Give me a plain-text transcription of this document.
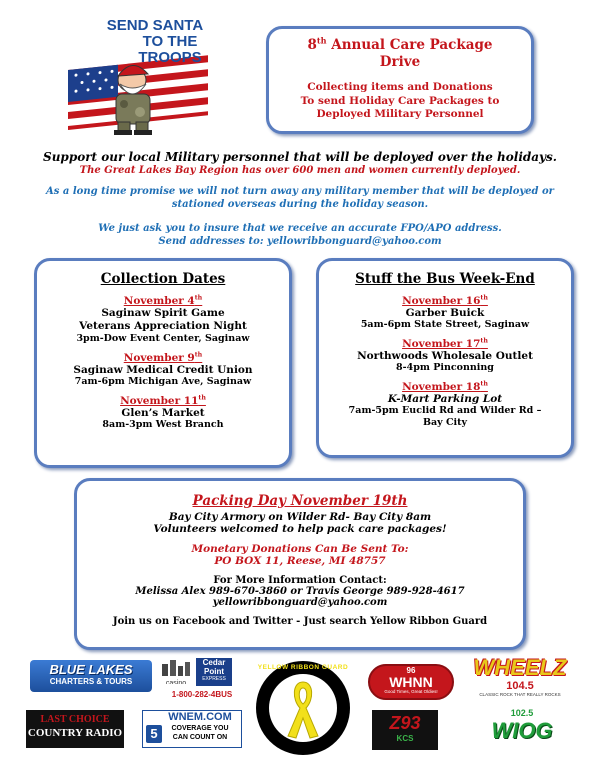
SEND SANTA
TO THE
TROOPS
8th Annual Care Package
Drive
Collecting items and Donations
To send Holiday Care Packages to
Deployed Military Personnel
Support our local Military personnel that will be deployed over the holidays.
The Great Lakes Bay Region has over 600 men and women currently deployed.
As a long time promise we will not turn away any military member that will be deployed or
stationed overseas during the holiday season.
We just ask you to insure that we receive an accurate FPO/APO address.
Send addresses to: yellowribbonguard@yahoo.com
Collection Dates
November 4th
Saginaw Spirit Game
Veterans Appreciation Night
3pm-Dow Event Center, Saginaw
November 9th
Saginaw Medical Credit Union
7am-6pm Michigan Ave, Saginaw
November 11th
Glen’s Market
8am-3pm West Branch
Stuff the Bus Week-End
November 16th
Garber Buick
5am-6pm State Street, Saginaw
November 17th
Northwoods Wholesale Outlet
8-4pm Pinconning
November 18th
K-Mart Parking Lot
7am-5pm Euclid Rd and Wilder Rd –
Bay City
Packing Day November 19th
Bay City Armory on Wilder Rd- Bay City 8am
Volunteers welcomed to help pack care packages!
Monetary Donations Can Be Sent To:
PO BOX 11, Reese, MI 48757
For More Information Contact:
Melissa Alex 989-670-3860 or Travis George 989-928-4617
yellowribbonguard@yahoo.com
Join us on Facebook and Twitter - Just search Yellow Ribbon Guard
BLUE LAKES
CHARTERS & TOURS	casino
Cedar
Point
EXPRESS
1-800-282-4BUS
YELLOW RIBBON GUARD	96
WHNN
Good Times, Great Oldies!
WHEELZ
104.5
CLASSIC ROCK THAT REALLY ROCKS
LAST CHOICE
COUNTRY RADIO
WNEM.COM
5	COVERAGE YOU
CAN COUNT ON
Z93
KCS
102.5
WIOG
